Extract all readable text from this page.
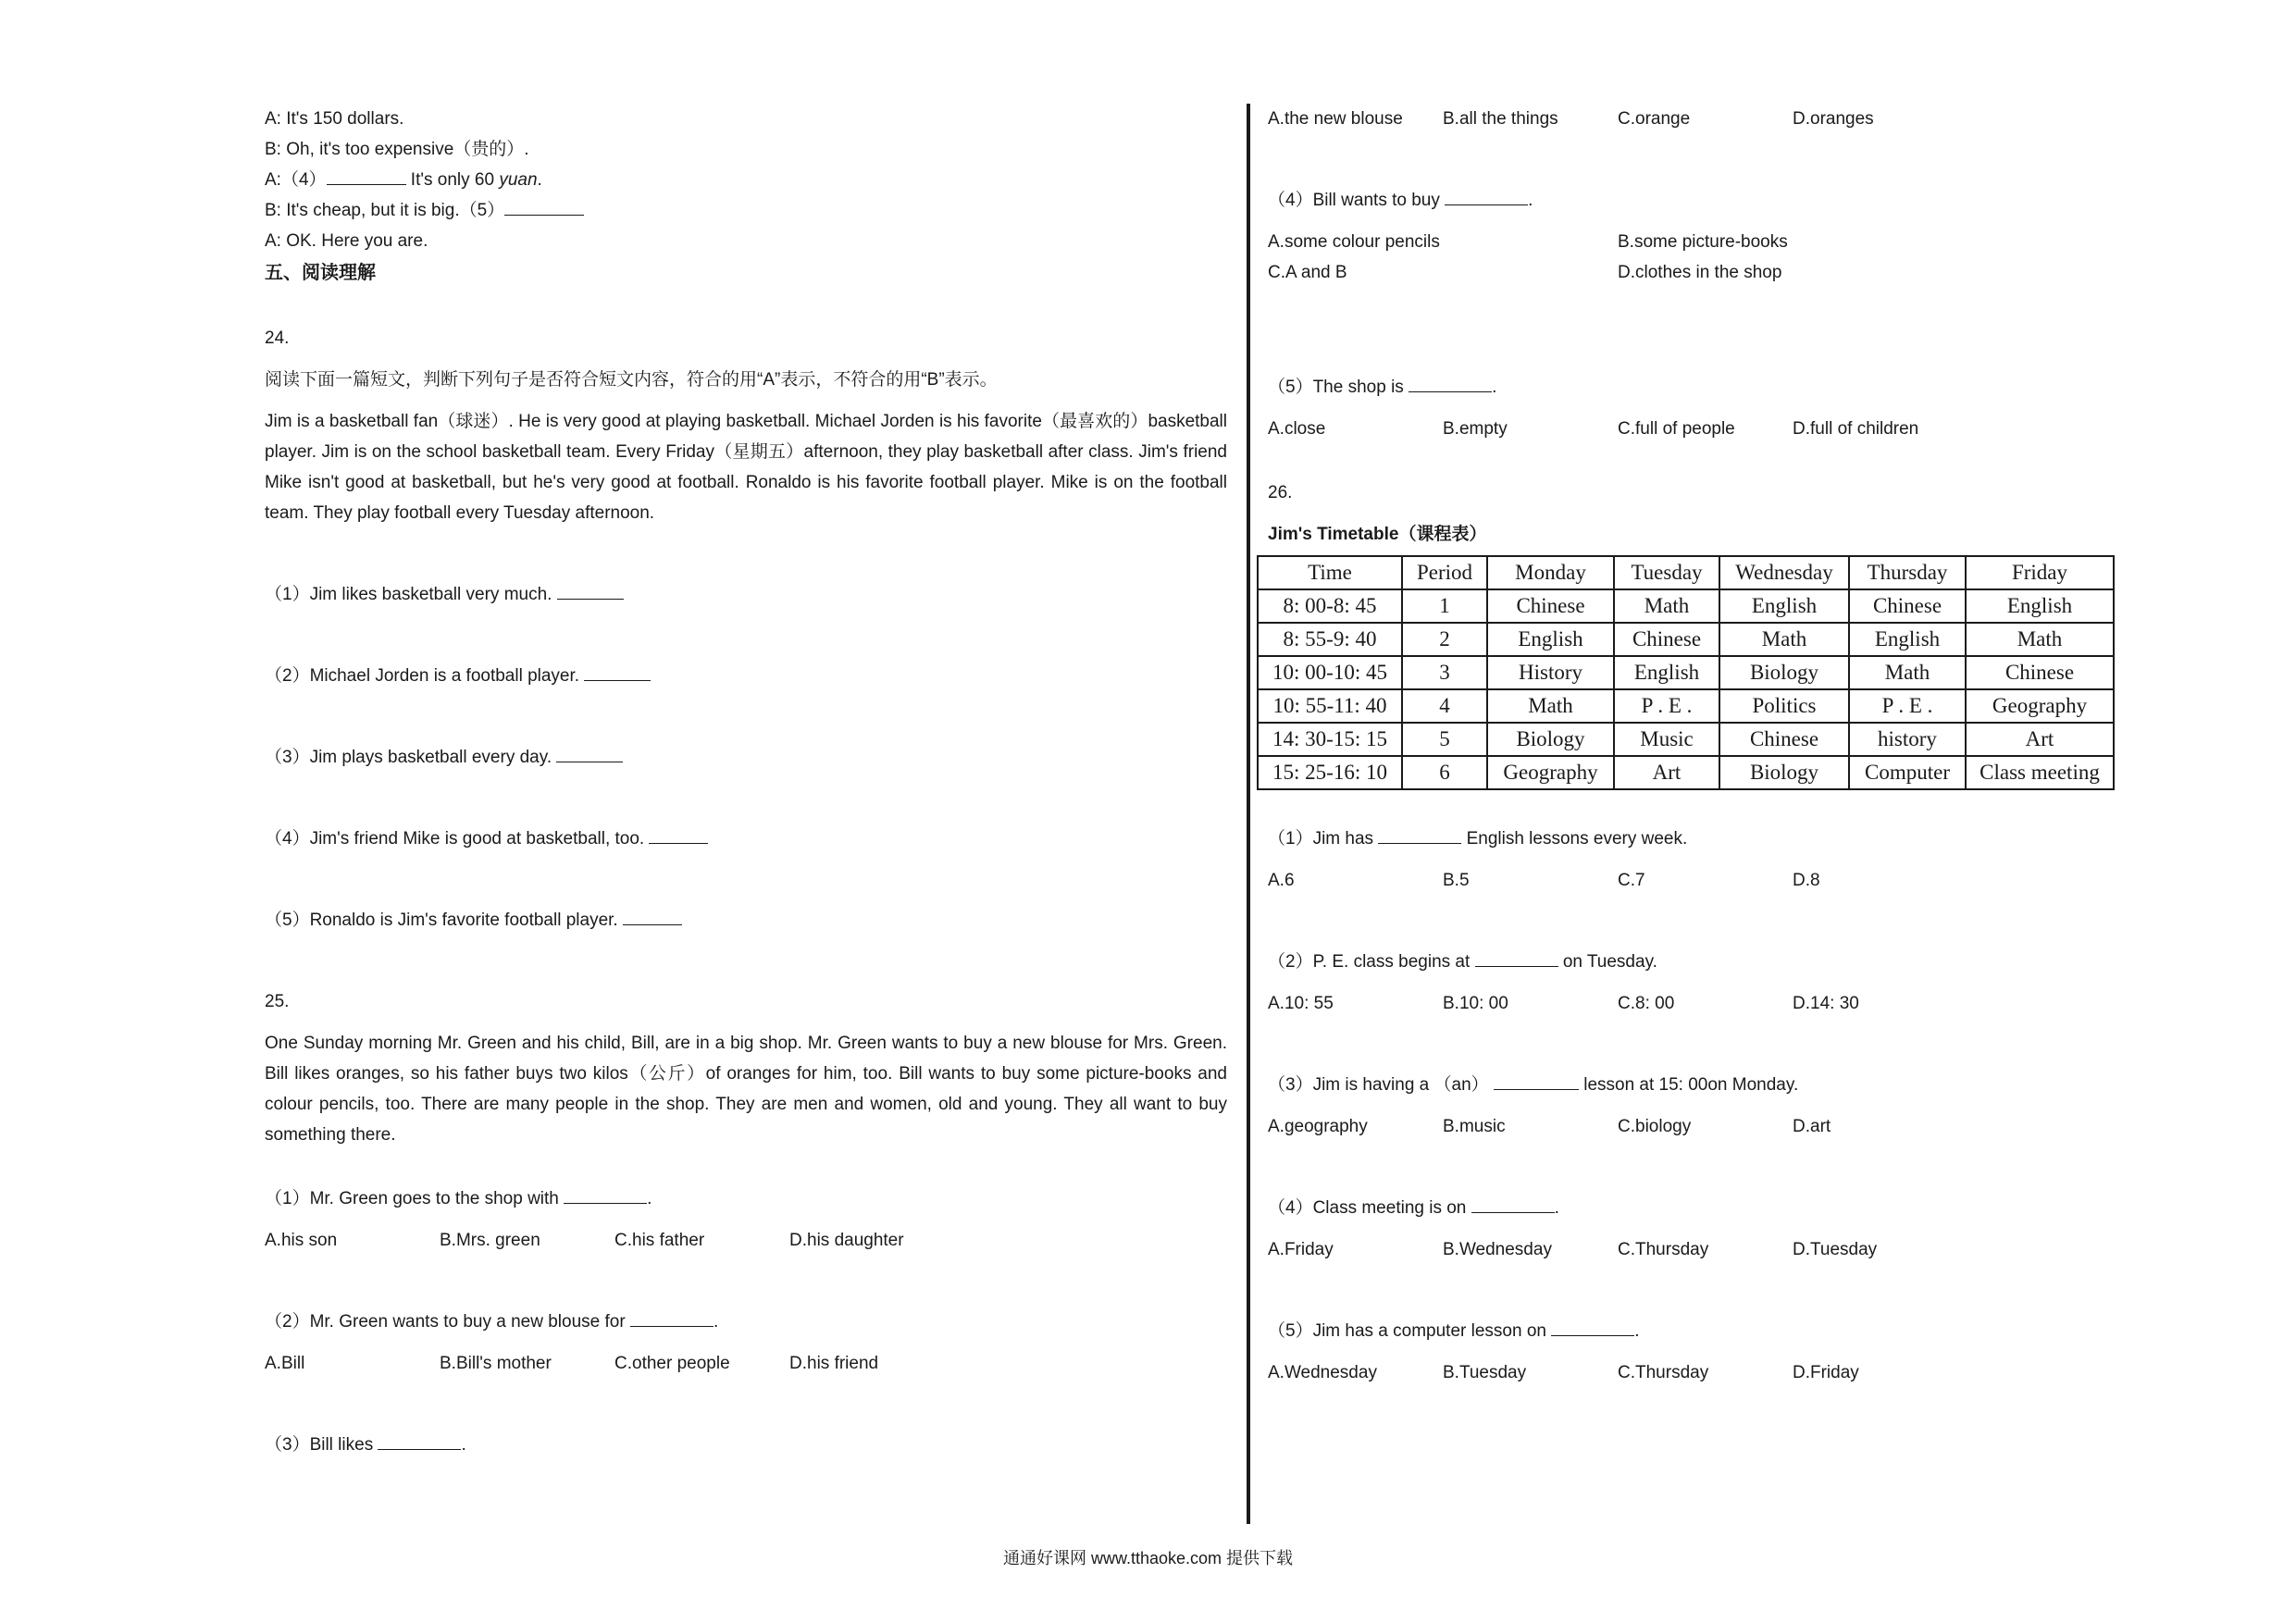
A: It's 150 dollars.
B: Oh, it's too expensive（贵的）.
A:（4）	It's only 60 yuan.
B: It's cheap, but it is big.（5）
A: OK. Here you are.
五、阅读理解
24.
阅读下面一篇短文，判断下列句子是否符合短文内容，符合的用“A”表示，不符合的用“B”表示。
Jim is a basketball fan（球迷）. He is very good at playing basketball. Michael Jorden is his favorite（最喜欢的）basketball player. Jim is on the school basketball team. Every Friday（星期五）afternoon, they play basketball after class. Jim's friend Mike isn't good at basketball, but he's very good at football. Ronaldo is his favorite football player. Mike is on the football team. They play football every Tuesday afternoon.
（1）Jim likes basketball very much.
（2）Michael Jorden is a football player.
（3）Jim plays basketball every day.
（4）Jim's friend Mike is good at basketball, too.
（5）Ronaldo is Jim's favorite football player.
25.
One Sunday morning Mr. Green and his child, Bill, are in a big shop. Mr. Green wants to buy a new blouse for Mrs. Green. Bill likes oranges, so his father buys two kilos（公斤）of oranges for him, too. Bill wants to buy some picture-books and colour pencils, too. There are many people in the shop. They are men and women, old and young. They all want to buy something there.
（1）Mr. Green goes to the shop with	.
A.his son	B.Mrs. green	C.his father	D.his daughter
（2）Mr. Green wants to buy a new blouse for	.
A.Bill	B.Bill's mother	C.other people	D.his friend
（3）Bill likes	.
A.the new blouse	B.all the things	C.orange	D.oranges
（4）Bill wants to buy	.
A.some colour pencils	B.some picture-books
C.A and B	D.clothes in the shop
（5）The shop is	.
A.close	B.empty	C.full of people	D.full of children
26.
Jim's Timetable（课程表）
Time	Period	Monday	Tuesday	Wednesday	Thursday	Friday
8: 00-8: 45	1	Chinese	Math	English	Chinese	English
8: 55-9: 40	2	English	Chinese	Math	English	Math
10: 00-10: 45	3	History	English	Biology	Math	Chinese
10: 55-11: 40	4	Math	P . E .	Politics	P . E .	Geography
14: 30-15: 15	5	Biology	Music	Chinese	history	Art
15: 25-16: 10	6	Geography	Art	Biology	Computer	Class meeting
（1）Jim has	English lessons every week.
A.6	B.5	C.7	D.8
（2）P. E. class begins at	on Tuesday.
A.10: 55	B.10: 00	C.8: 00	D.14: 30
（3）Jim is having a （an）	lesson at 15: 00on Monday.
A.geography	B.music	C.biology	D.art
（4）Class meeting is on	.
A.Friday	B.Wednesday	C.Thursday	D.Tuesday
（5）Jim has a computer lesson on	.
A.Wednesday	B.Tuesday	C.Thursday	D.Friday
通通好课网 www.tthaoke.com 提供下载
